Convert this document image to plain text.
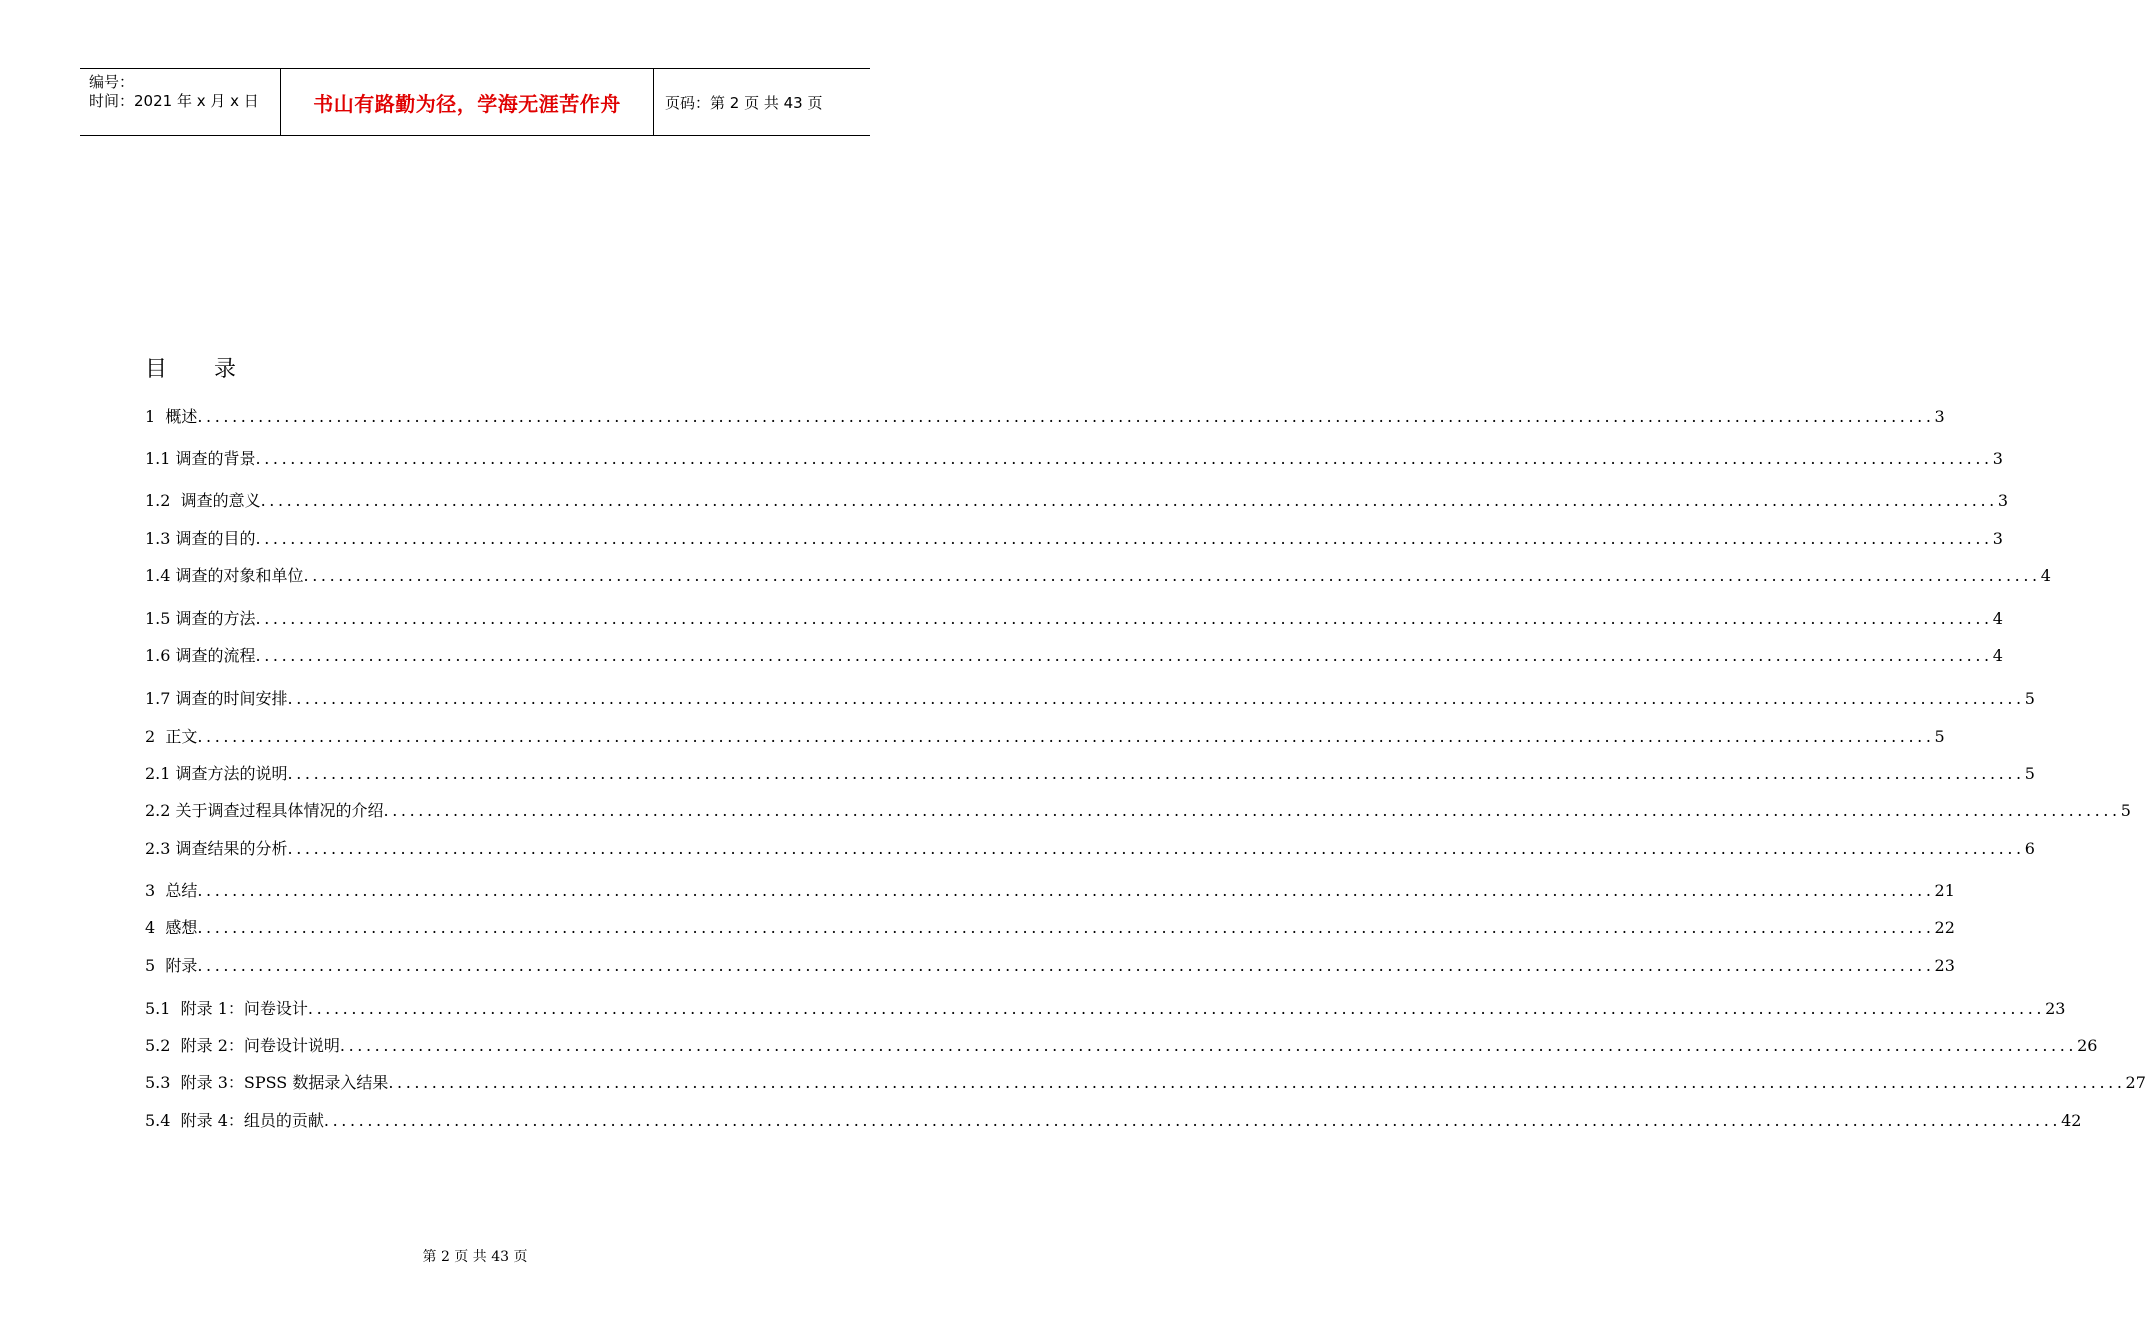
编号：
时间：2021 年 x 月 x 日	书山有路勤为径，学海无涯苦作舟	页码：第 2 页 共 43 页
目 录
1  概述 ........................................................................................................................................................................................................ 3
1.1 调查的背景 ........................................................................................................................................................................................................ 3
1.2  调查的意义 ........................................................................................................................................................................................................ 3
1.3 调查的目的 ........................................................................................................................................................................................................ 3
1.4 调查的对象和单位 ........................................................................................................................................................................................................ 4
1.5 调查的方法 ........................................................................................................................................................................................................ 4
1.6 调查的流程 ........................................................................................................................................................................................................ 4
1.7 调查的时间安排 ........................................................................................................................................................................................................ 5
2  正文 ........................................................................................................................................................................................................ 5
2.1 调查方法的说明 ........................................................................................................................................................................................................ 5
2.2 关于调查过程具体情况的介绍 ........................................................................................................................................................................................................ 5
2.3 调查结果的分析 ........................................................................................................................................................................................................ 6
3  总结 ........................................................................................................................................................................................................ 21
4  感想 ........................................................................................................................................................................................................ 22
5  附录 ........................................................................................................................................................................................................ 23
5.1  附录 1：问卷设计 ........................................................................................................................................................................................................ 23
5.2  附录 2：问卷设计说明 ........................................................................................................................................................................................................ 26
5.3  附录 3：SPSS 数据录入结果 ........................................................................................................................................................................................................ 27
5.4  附录 4：组员的贡献 ........................................................................................................................................................................................................ 42
第 2 页 共 43 页
